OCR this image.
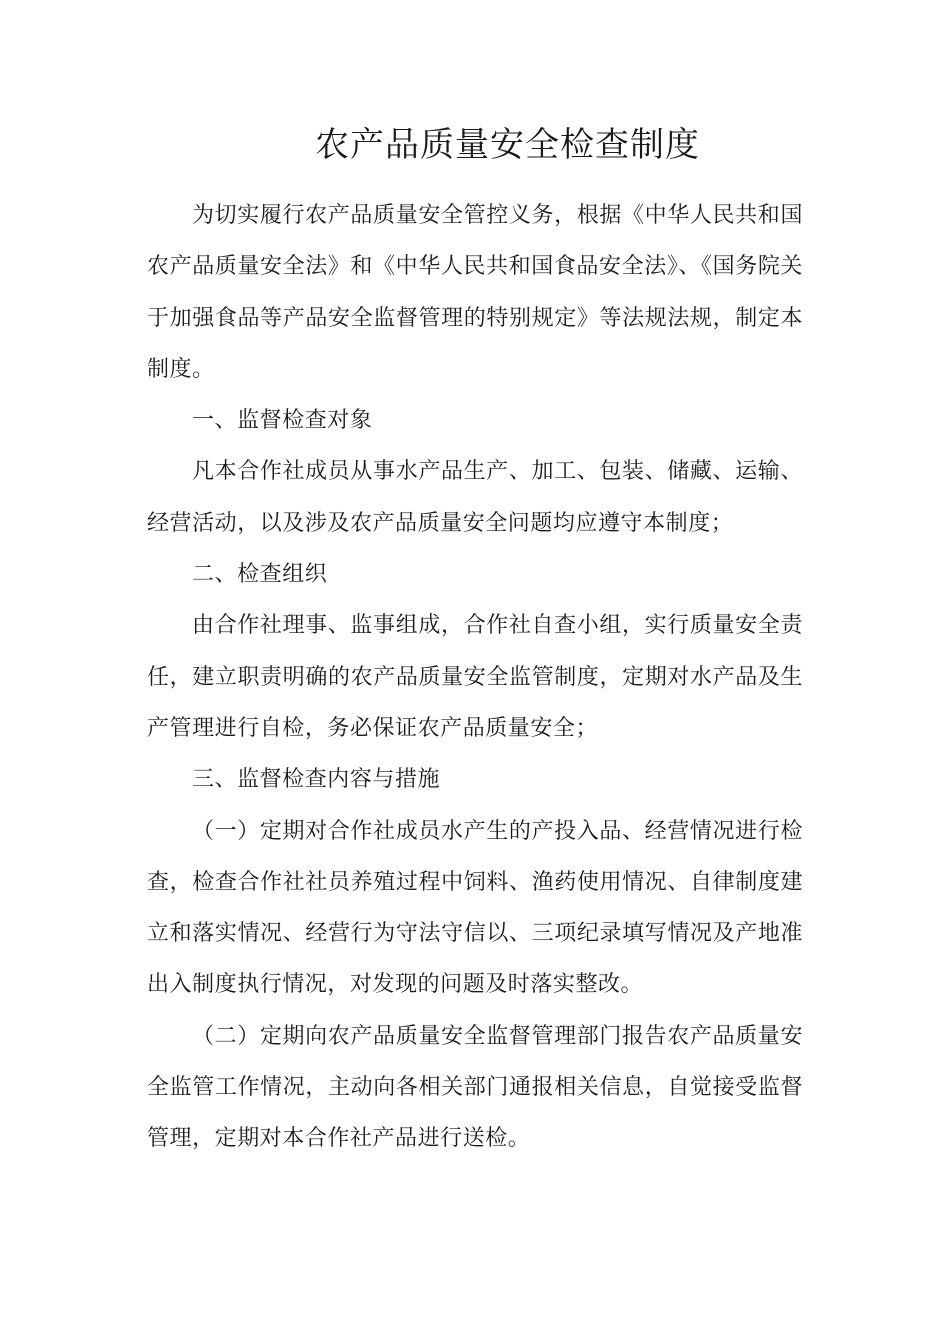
农产品质量安全检查制度

为切实履行农产品质量安全管控义务，根据《中华人民共和国农产品质量安全法》和《中华人民共和国食品安全法》、《国务院关于加强食品等产品安全监督管理的特别规定》等法规法规，制定本制度。

一、监督检查对象

凡本合作社成员从事水产品生产、加工、包装、储藏、运输、经营活动，以及涉及农产品质量安全问题均应遵守本制度；

二、检查组织

由合作社理事、监事组成，合作社自查小组，实行质量安全责任，建立职责明确的农产品质量安全监管制度，定期对水产品及生产管理进行自检，务必保证农产品质量安全；

三、监督检查内容与措施

（一）定期对合作社成员水产生的产投入品、经营情况进行检查，检查合作社社员养殖过程中饲料、渔药使用情况、自律制度建立和落实情况、经营行为守法守信以、三项纪录填写情况及产地准出入制度执行情况，对发现的问题及时落实整改。

（二）定期向农产品质量安全监督管理部门报告农产品质量安全监管工作情况，主动向各相关部门通报相关信息，自觉接受监督管理，定期对本合作社产品进行送检。
